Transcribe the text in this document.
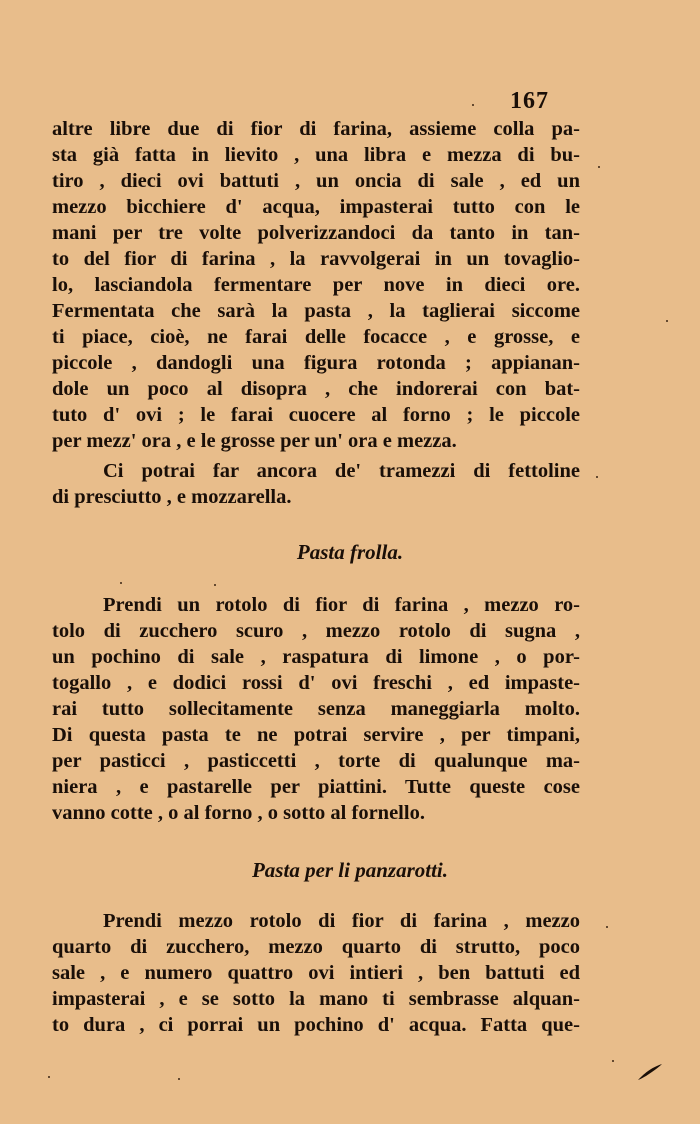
167
altre libre due di fior di farina, assieme colla pa-
sta già fatta in lievito , una libra e mezza di bu-
tiro , dieci ovi battuti , un oncia di sale , ed un
mezzo bicchiere d' acqua, impasterai tutto con le
mani per tre volte polverizzandoci da tanto in tan-
to del fior di farina , la ravvolgerai in un tovaglio-
lo, lasciandola fermentare per nove in dieci ore.
Fermentata che sarà la pasta , la taglierai siccome
ti piace, cioè, ne farai delle focacce , e grosse, e
piccole , dandogli una figura rotonda ; appianan-
dole un poco al disopra , che indorerai con bat-
tuto d' ovi ; le farai cuocere al forno ; le piccole
per mezz' ora , e le grosse per un' ora e mezza.
Ci potrai far ancora de' tramezzi di fettoline
di presciutto , e mozzarella.
Pasta frolla.
Prendi un rotolo di fior di farina , mezzo ro-
tolo di zucchero scuro , mezzo rotolo di sugna ,
un pochino di sale , raspatura di limone , o por-
togallo , e dodici rossi d' ovi freschi , ed impaste-
rai tutto sollecitamente senza maneggiarla molto.
Di questa pasta te ne potrai servire , per timpani,
per pasticci , pasticcetti , torte di qualunque ma-
niera , e pastarelle per piattini. Tutte queste cose
vanno cotte , o al forno , o sotto al fornello.
Pasta per li panzarotti.
Prendi mezzo rotolo di fior di farina , mezzo
quarto di zucchero, mezzo quarto di strutto, poco
sale , e numero quattro ovi intieri , ben battuti ed
impasterai , e se sotto la mano ti sembrasse alquan-
to dura , ci porrai un pochino d' acqua. Fatta que-
